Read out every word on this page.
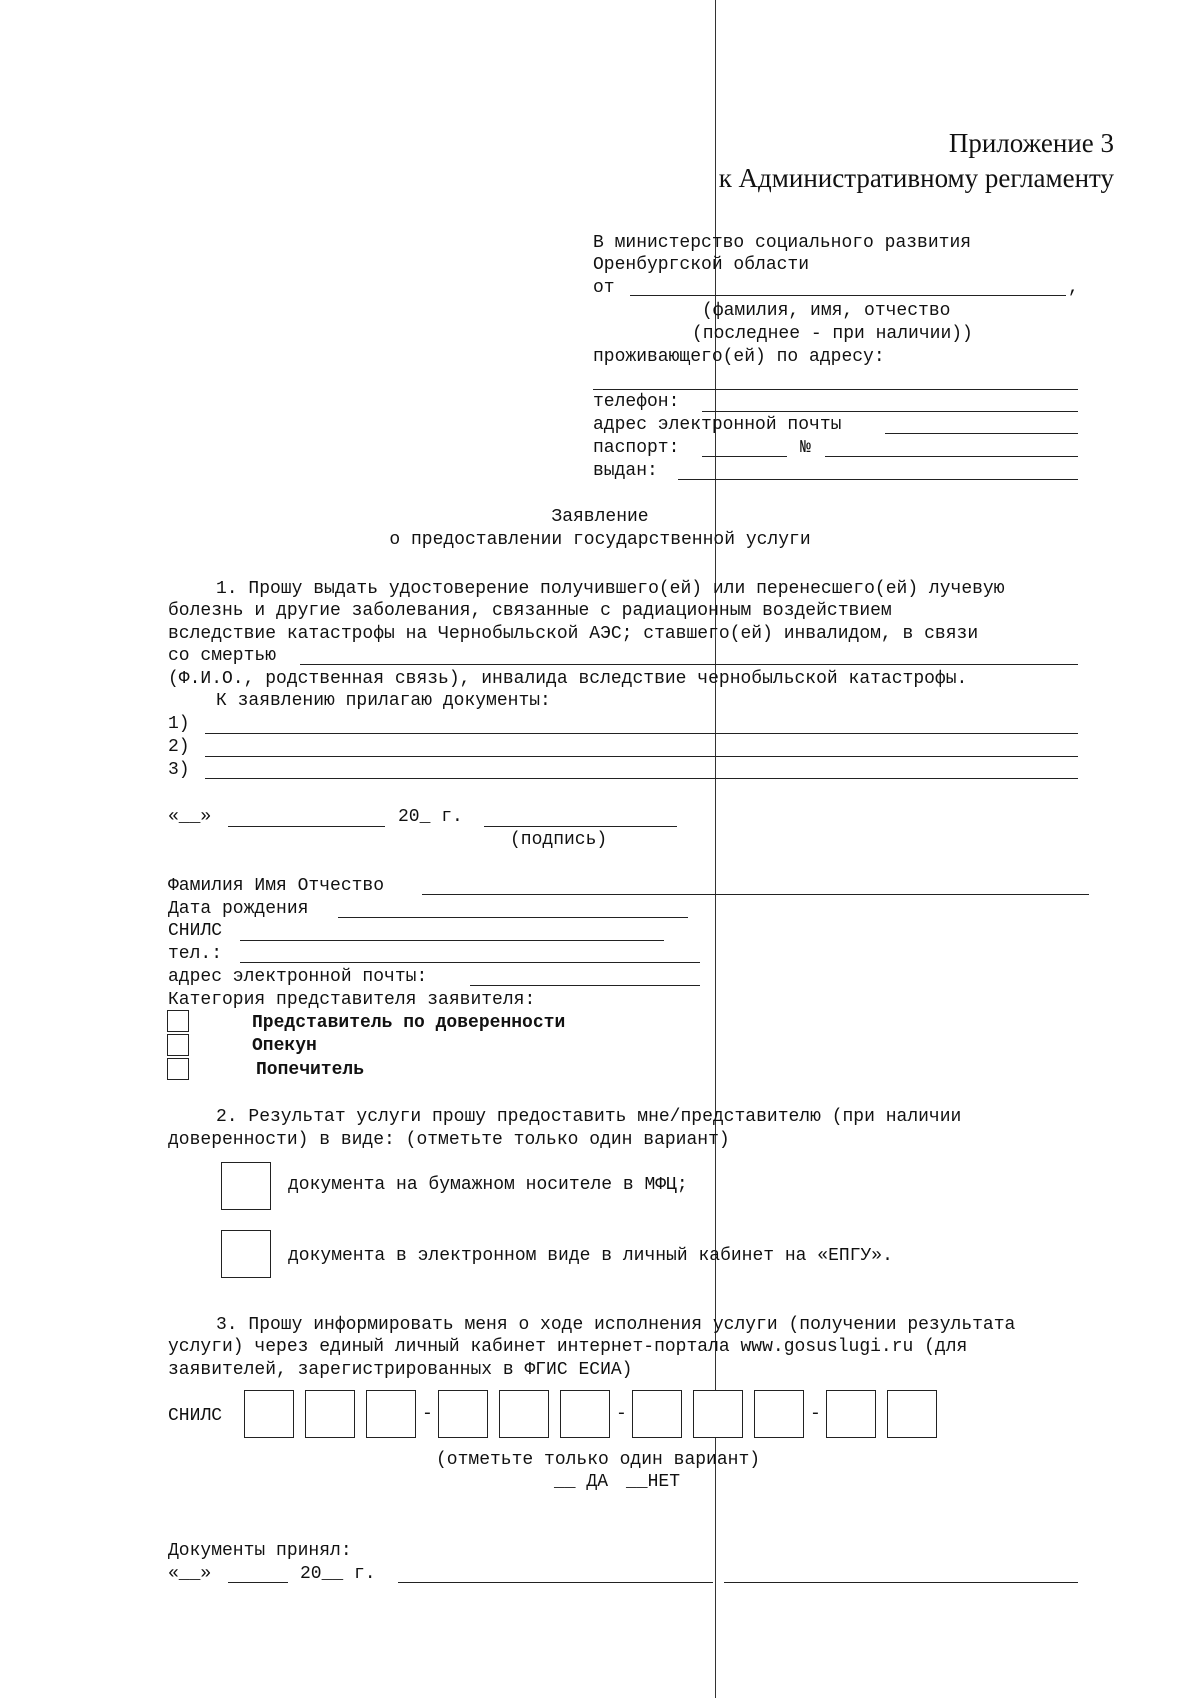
Приложение 3
к Административному регламенту
В министерство социального развития
Оренбургской области
от	,
(фамилия, имя, отчество
(последнее - при наличии))
проживающего(ей) по адресу:
телефон:
адрес электронной почты
паспорт:	№
выдан:
Заявление
о предоставлении государственной услуги
1. Прошу выдать удостоверение получившего(ей) или перенесшего(ей) лучевую
болезнь и другие заболевания, связанные с радиационным воздействием
вследствие катастрофы на Чернобыльской АЭС; ставшего(ей) инвалидом, в связи
со смертью
(Ф.И.О., родственная связь), инвалида вследствие чернобыльской катастрофы.
К заявлению прилагаю документы:
1)
2)
3)
«__»	20_ г.
(подпись)
Фамилия Имя Отчество
Дата рождения
СНИЛС
тел.:
адрес электронной почты:
Категория представителя заявителя:
Представитель по доверенности
Опекун
Попечитель
2. Результат услуги прошу предоставить мне/представителю (при наличии
доверенности) в виде: (отметьте только один вариант)
документа на бумажном носителе в МФЦ;
документа в электронном виде в личный кабинет на «ЕПГУ».
3. Прошу информировать меня о ходе исполнения услуги (получении результата
услуги) через единый личный кабинет интернет-портала www.gosuslugi.ru (для
заявителей, зарегистрированных в ФГИС ЕСИА)
СНИЛС	-	-	-
(отметьте только один вариант)
__ ДА __НЕТ
Документы принял:
«__»	20__ г.
